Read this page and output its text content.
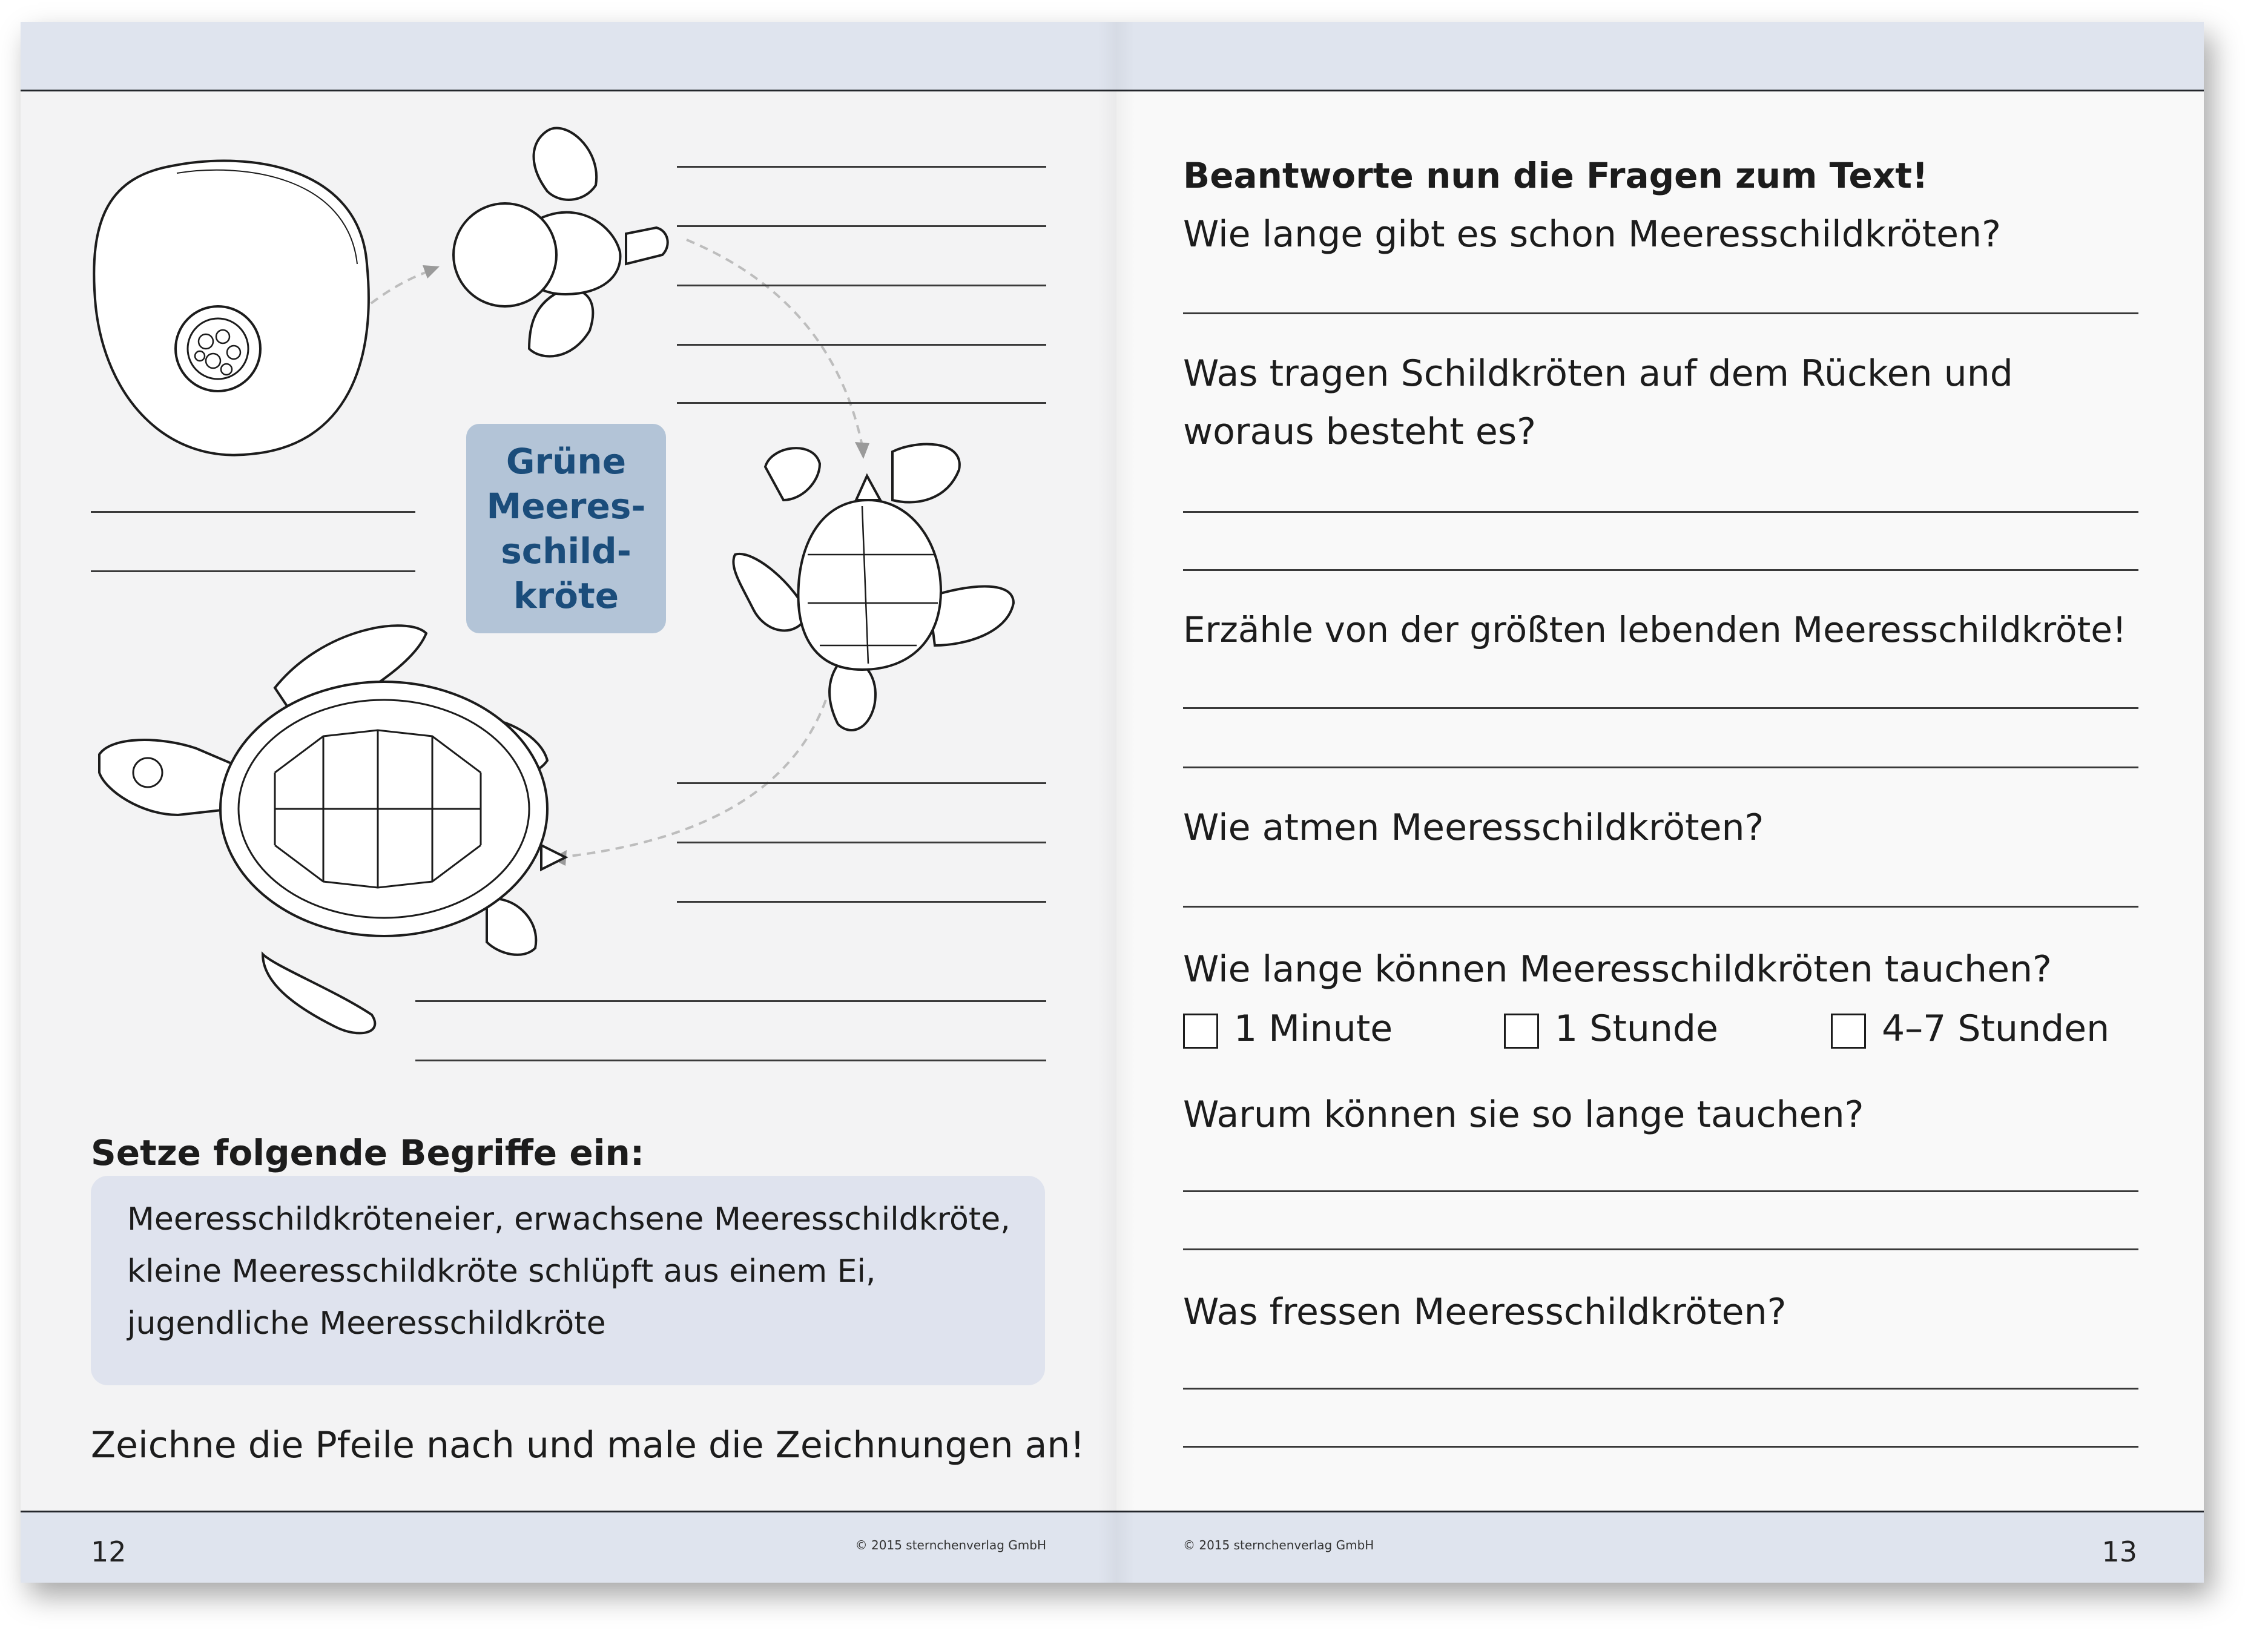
Grüne
Meeres-
schild-
kröte
Setze folgende Begriffe ein:
Meeresschildkröteneier, erwachsene Meeresschildkröte,
kleine Meeresschildkröte schlüpft aus einem Ei,
jugendliche Meeresschildkröte
Zeichne die Pfeile nach und male die Zeichnungen an!
12	© 2015 sternchenverlag GmbH
Beantworte nun die Fragen zum Text!
Wie lange gibt es schon Meeresschildkröten?
Was tragen Schildkröten auf dem Rücken und
woraus besteht es?
Erzähle von der größten lebenden Meeresschildkröte!
Wie atmen Meeresschildkröten?
Wie lange können Meeresschildkröten tauchen?
1 Minute	1 Stunde	4–7 Stunden
Warum können sie so lange tauchen?
Was fressen Meeresschildkröten?
© 2015 sternchenverlag GmbH	13
